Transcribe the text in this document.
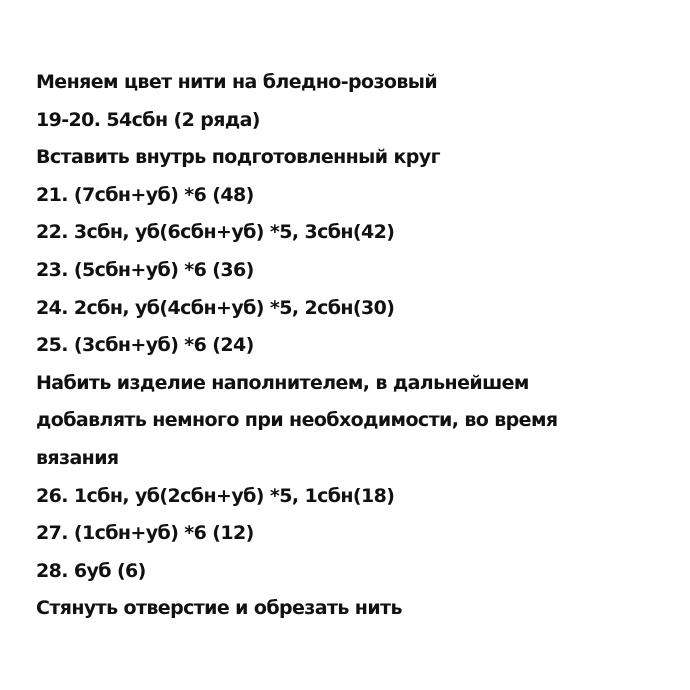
Меняем цвет нити на бледно-розовый
19-20. 54сбн (2 ряда)
Вставить внутрь подготовленный круг
21. (7сбн+уб) *6 (48)
22. 3сбн, уб(6сбн+уб) *5, 3сбн(42)
23. (5сбн+уб) *6 (36)
24. 2сбн, уб(4сбн+уб) *5, 2сбн(30)
25. (3сбн+уб) *6 (24)
Набить изделие наполнителем, в дальнейшем
добавлять немного при необходимости, во время
вязания
26. 1сбн, уб(2сбн+уб) *5, 1сбн(18)
27. (1сбн+уб) *6 (12)
28. 6уб (6)
Стянуть отверстие и обрезать нить
